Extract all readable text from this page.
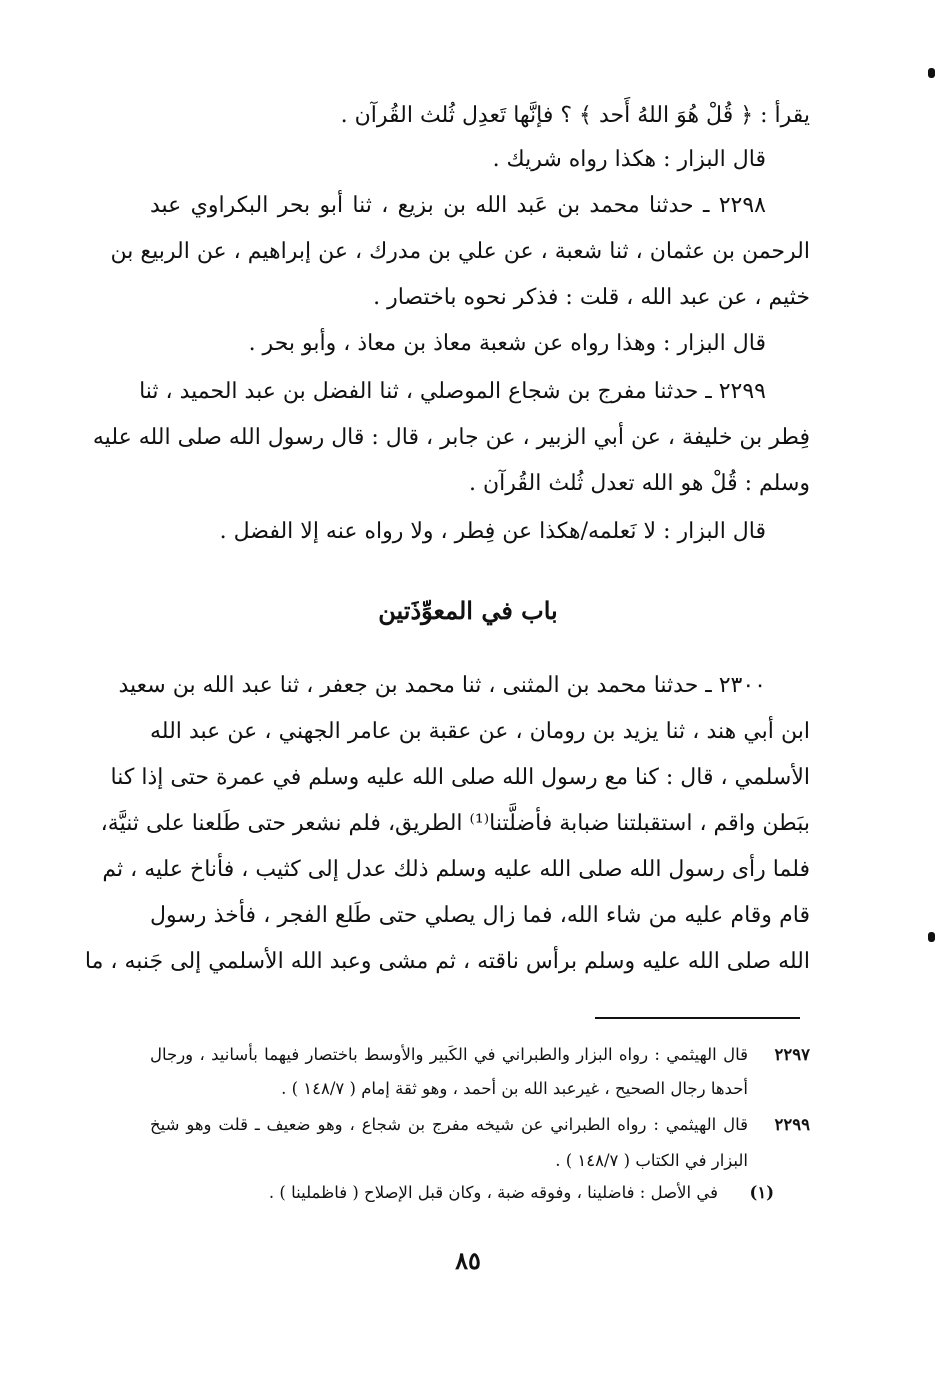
يقرأ : ﴿ قُلْ هُوَ اللهُ أَحد ﴾ ؟ فإنَّها تَعدِل ثُلث القُرآن .
قال البزار : هكذا رواه شريك .
٢٢٩٨ ـ حدثنا محمد بن عَبد الله بن بزيع ، ثنا أبو بحر البكراوي عبد
الرحمن بن عثمان ، ثنا شعبة ، عن علي بن مدرك ، عن إبراهيم ، عن الربيع بن
خثيم ، عن عبد الله ، قلت : فذكر نحوه باختصار .
قال البزار : وهذا رواه عن شعبة معاذ بن معاذ ، وأبو بحر .
٢٢٩٩ ـ حدثنا مفرج بن شجاع الموصلي ، ثنا الفضل بن عبد الحميد ، ثنا
فِطر بن خليفة ، عن أبي الزبير ، عن جابر ، قال : قال رسول الله صلى الله عليه
وسلم : قُلْ هو الله تعدل ثُلث القُرآن .
قال البزار : لا نَعلمه/هكذا عن فِطر ، ولا رواه عنه إلا الفضل .
باب في المعوِّذَتين
٢٣٠٠ ـ حدثنا محمد بن المثنى ، ثنا محمد بن جعفر ، ثنا عبد الله بن سعيد
ابن أبي هند ، ثنا يزيد بن رومان ، عن عقبة بن عامر الجهني ، عن عبد الله
الأسلمي ، قال : كنا مع رسول الله صلى الله عليه وسلم في عمرة حتى إذا كنا
ببَطن واقم ، استقبلتنا ضبابة فأضلَّتنا⁽¹⁾ الطريق، فلم نشعر حتى طَلعنا على ثنيَّة،
فلما رأى رسول الله صلى الله عليه وسلم ذلك عدل إلى كثيب ، فأناخ عليه ، ثم
قام وقام عليه من شاء الله، فما زال يصلي حتى طَلع الفجر ، فأخذ رسول
الله صلى الله عليه وسلم برأس ناقته ، ثم مشى وعبد الله الأسلمي إلى جَنبه ، ما
٢٢٩٧
قال الهيثمي : رواه البزار والطبراني في الكَبير والأوسط باختصار فيهما بأسانيد ، ورجال
أحدها رجال الصحيح ، غيرعبد الله بن أحمد ، وهو ثقة إمام ( ١٤٨/٧ ) .
٢٢٩٩
قال الهيثمي : رواه الطبراني عن شيخه مفرج بن شجاع ، وهو ضعيف ـ قلت وهو شيخ
البزار في الكتاب ( ١٤٨/٧ ) .
(١)
في الأصل : فاضلينا ، وفوقه ضبة ، وكان قبل الإصلاح ( فاظملينا ) .
٨٥
